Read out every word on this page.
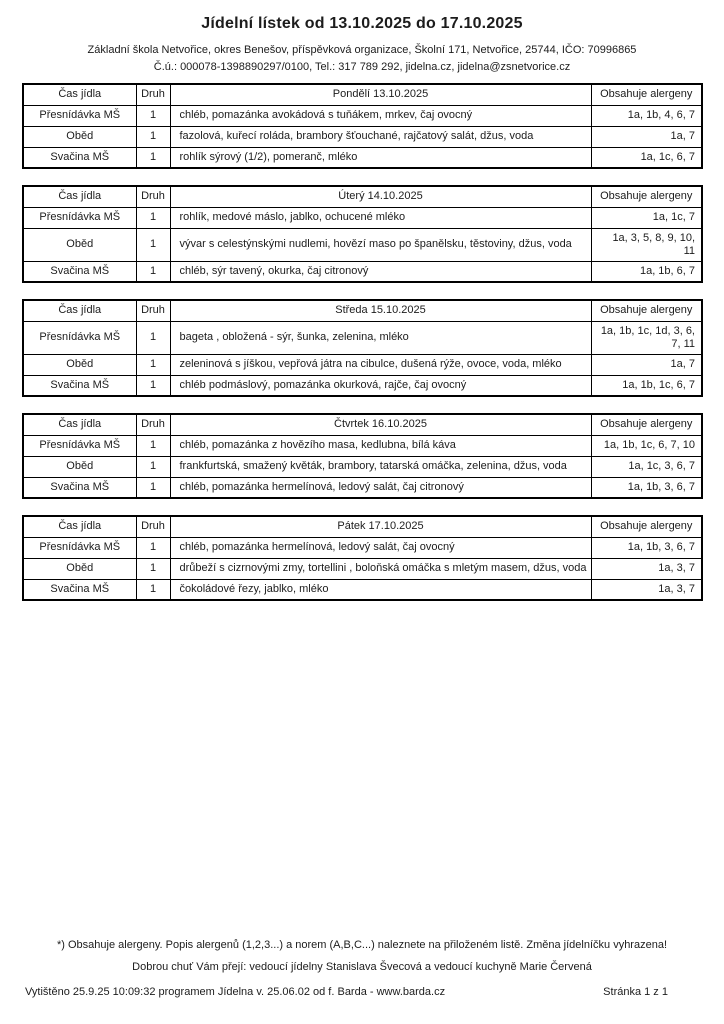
Jídelní lístek od 13.10.2025 do 17.10.2025
Základní škola Netvořice, okres Benešov, příspěvková organizace, Školní 171, Netvořice, 25744, IČO: 70996865
Č.ú.: 000078-1398890297/0100, Tel.: 317 789 292, jidelna.cz, jidelna@zsnetvorice.cz
Čas jídla	Druh	Pondělí 13.10.2025	Obsahuje alergeny
Přesnídávka MŠ	1	chléb, pomazánka avokádová s tuňákem, mrkev, čaj ovocný	1a, 1b, 4, 6, 7
Oběd	1	fazolová, kuřecí roláda, brambory šťouchané, rajčatový salát, džus, voda	1a, 7
Svačina MŠ	1	rohlík sýrový (1/2), pomeranč, mléko	1a, 1c, 6, 7
Čas jídla	Druh	Úterý 14.10.2025	Obsahuje alergeny
Přesnídávka MŠ	1	rohlík, medové máslo, jablko, ochucené mléko	1a, 1c, 7
Oběd	1	vývar s celestýnskými nudlemi, hovězí maso po španělsku, těstoviny, džus, voda	1a, 3, 5, 8, 9, 10, 11
Svačina MŠ	1	chléb, sýr tavený, okurka, čaj citronový	1a, 1b, 6, 7
Čas jídla	Druh	Středa 15.10.2025	Obsahuje alergeny
Přesnídávka MŠ	1	bageta , obložená - sýr, šunka, zelenina, mléko	1a, 1b, 1c, 1d, 3, 6, 7, 11
Oběd	1	zeleninová s jíškou, vepřová játra na cibulce, dušená rýže, ovoce, voda, mléko	1a, 7
Svačina MŠ	1	chléb podmáslový, pomazánka okurková, rajče, čaj ovocný	1a, 1b, 1c, 6, 7
Čas jídla	Druh	Čtvrtek 16.10.2025	Obsahuje alergeny
Přesnídávka MŠ	1	chléb, pomazánka z hovězího masa, kedlubna, bílá káva	1a, 1b, 1c, 6, 7, 10
Oběd	1	frankfurtská, smažený květák, brambory, tatarská omáčka, zelenina, džus, voda	1a, 1c, 3, 6, 7
Svačina MŠ	1	chléb, pomazánka hermelínová, ledový salát, čaj citronový	1a, 1b, 3, 6, 7
Čas jídla	Druh	Pátek 17.10.2025	Obsahuje alergeny
Přesnídávka MŠ	1	chléb, pomazánka hermelínová, ledový salát, čaj ovocný	1a, 1b, 3, 6, 7
Oběd	1	drůbeží s cizrnovými zmy, tortellini , boloňská omáčka s mletým masem, džus, voda	1a, 3, 7
Svačina MŠ	1	čokoládové řezy, jablko, mléko	1a, 3, 7
*) Obsahuje alergeny. Popis alergenů (1,2,3...) a norem (A,B,C...) naleznete na přiloženém listě. Změna jídelníčku vyhrazena!
Dobrou chuť Vám přejí: vedoucí jídelny Stanislava Švecová a vedoucí kuchyně Marie Červená
Vytištěno 25.9.25 10:09:32 programem Jídelna v. 25.06.02 od f. Barda - www.barda.cz	Stránka 1 z 1
